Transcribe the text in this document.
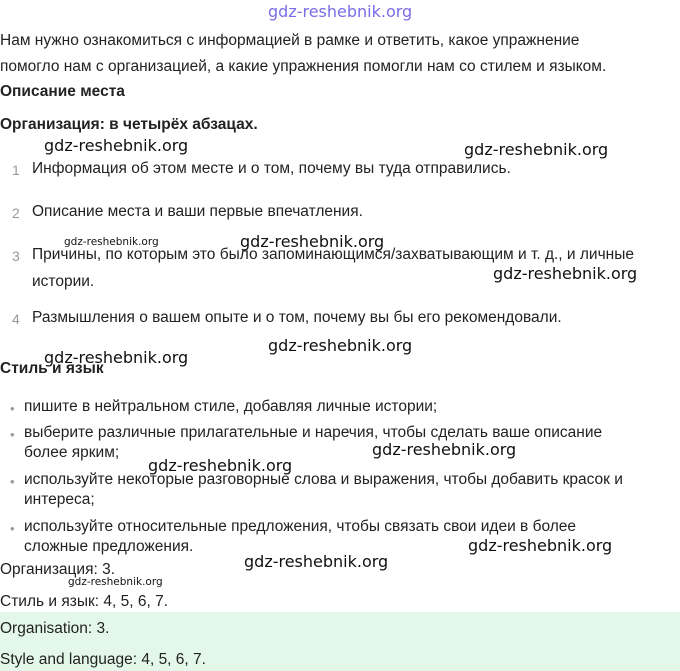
gdz-reshebnik.org
Нам нужно ознакомиться с информацией в рамке и ответить, какое упражнение
помогло нам с организацией, а какие упражнения помогли нам со стилем и языком.
Описание места
Организация: в четырёх абзацах.
1 Информация об этом месте и о том, почему вы туда отправились.
2 Описание места и ваши первые впечатления.
3 Причины, по которым это было запоминающимся/захватывающим и т. д., и личные
истории.
4 Размышления о вашем опыте и о том, почему вы бы его рекомендовали.
Стиль и язык
• пишите в нейтральном стиле, добавляя личные истории;
• выберите различные прилагательные и наречия, чтобы сделать ваше описание
более ярким;
• используйте некоторые разговорные слова и выражения, чтобы добавить красок и
интереса;
• используйте относительные предложения, чтобы связать свои идеи в более
сложные предложения.
Организация: 3.
Стиль и язык: 4, 5, 6, 7.
Organisation: 3.
Style and language: 4, 5, 6, 7.
gdz-reshebnik.org	gdz-reshebnik.org
gdz-reshebnik.org	gdz-reshebnik.org
gdz-reshebnik.org
gdz-reshebnik.org
gdz-reshebnik.org
gdz-reshebnik.org
gdz-reshebnik.org
gdz-reshebnik.org
gdz-reshebnik.org
gdz-reshebnik.org
